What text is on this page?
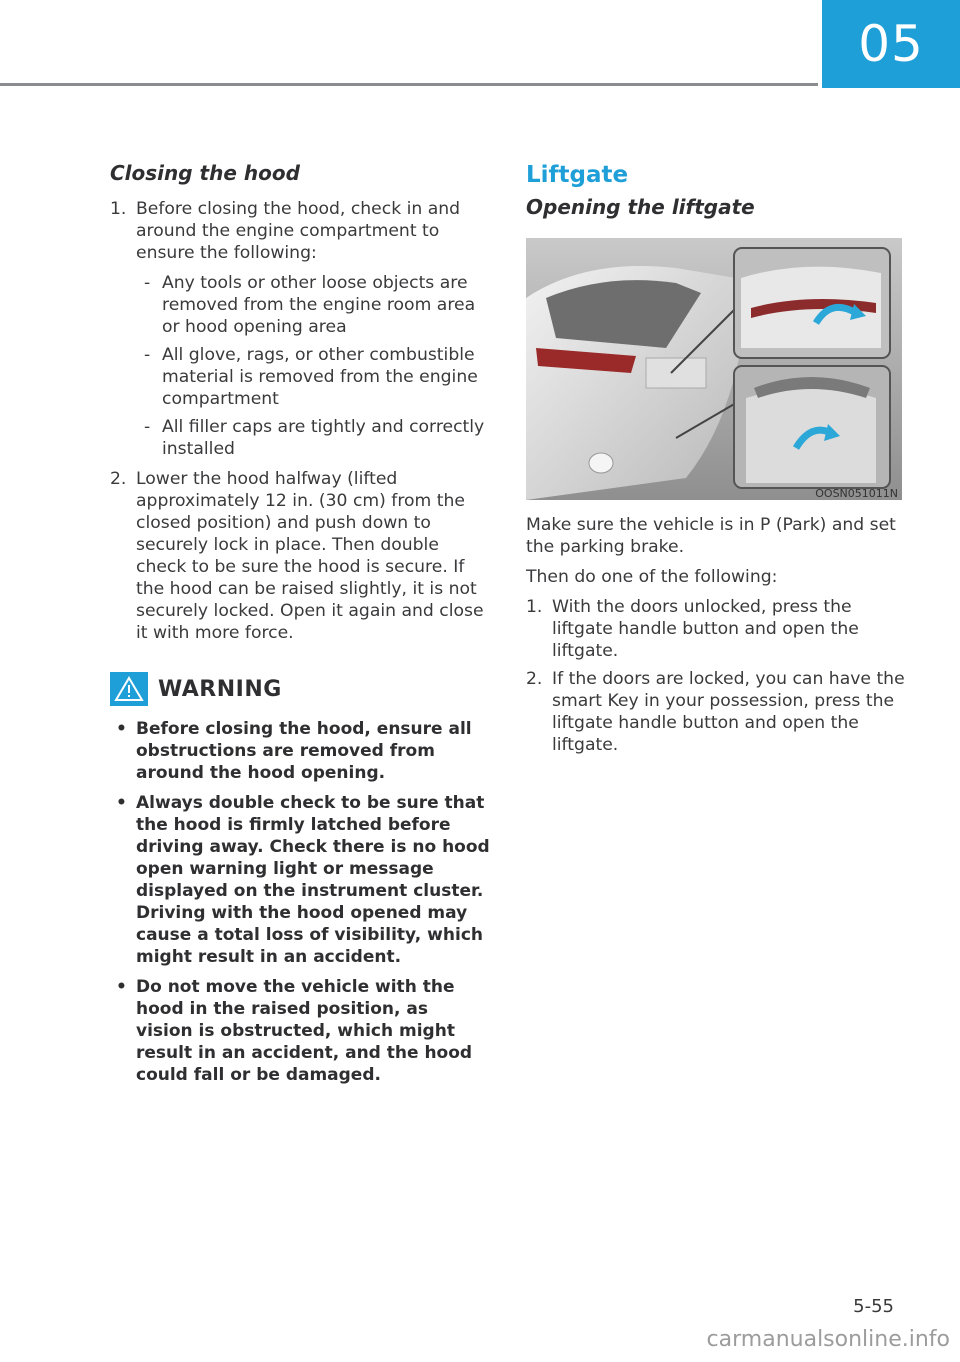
05
Closing the hood
1. Before closing the hood, check in and around the engine compartment to ensure the following:
- Any tools or other loose objects are removed from the engine room area or hood opening area
- All glove, rags, or other combustible material is removed from the engine compartment
- All filler caps are tightly and correctly installed
2. Lower the hood halfway (lifted approximately 12 in. (30 cm) from the closed position) and push down to securely lock in place. Then double check to be sure the hood is secure. If the hood can be raised slightly, it is not securely locked. Open it again and close it with more force.
WARNING
• Before closing the hood, ensure all obstructions are removed from around the hood opening.
• Always double check to be sure that the hood is firmly latched before driving away. Check there is no hood open warning light or message displayed on the instrument cluster. Driving with the hood opened may cause a total loss of visibility, which might result in an accident.
• Do not move the vehicle with the hood in the raised position, as vision is obstructed, which might result in an accident, and the hood could fall or be damaged.
Liftgate
Opening the liftgate
OOSN051011N

Make sure the vehicle is in P (Park) and set the parking brake.

Then do one of the following:

1. With the doors unlocked, press the liftgate handle button and open the liftgate.
2. If the doors are locked, you can have the smart Key in your possession, press the liftgate handle button and open the liftgate.
5-55
carmanualsonline.info
